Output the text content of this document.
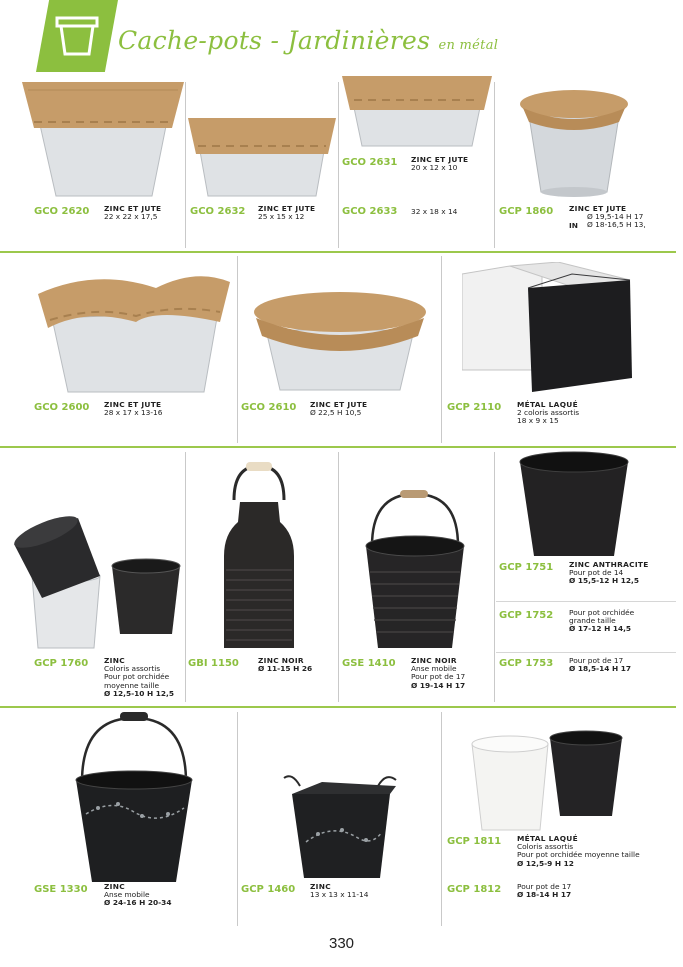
Cache-pots - Jardinières en métal
GCO 2620 ZINC ET JUTE
22 x 22 x 17,5	GCO 2632 ZINC ET JUTE
25 x 15 x 12
GCO 2631 ZINC ET JUTE
20 x 12 x 10
GCO 2633 32 x 18 x 14	GCP 1860 ZINC ET JUTE
Ø 19,5-14 H 17
Ø 18-16,5 H 13,
IN
GCO 2600 ZINC ET JUTE
28 x 17 x 13-16	GCO 2610 ZINC ET JUTE
Ø 22,5 H 10,5	GCP 2110 MÉTAL LAQUÉ
2 coloris assortis
18 x 9 x 15
GCP 1760 ZINC
Coloris assortis
Pour pot orchidée
moyenne taille
Ø 12,5-10 H 12,5
GBI 1150	ZINC NOIR
Ø 11-15 H 26	GSE 1410 ZINC NOIR
Anse mobile
Pour pot de 17
Ø 19-14 H 17
GCP 1751 ZINC ANTHRACITE
Pour pot de 14
Ø 15,5-12 H 12,5
GCP 1752 Pour pot orchidée
grande taille
Ø 17-12 H 14,5
GCP 1753 Pour pot de 17
Ø 18,5-14 H 17
GSE 1330 ZINC
Anse mobile
Ø 24-16 H 20-34
GCP 1460 ZINC
13 x 13 x 11-14
GCP 1811 MÉTAL LAQUÉ
Coloris assortis
Pour pot orchidée moyenne taille
Ø 12,5-9 H 12
GCP 1812 Pour pot de 17
Ø 18-14 H 17
330
